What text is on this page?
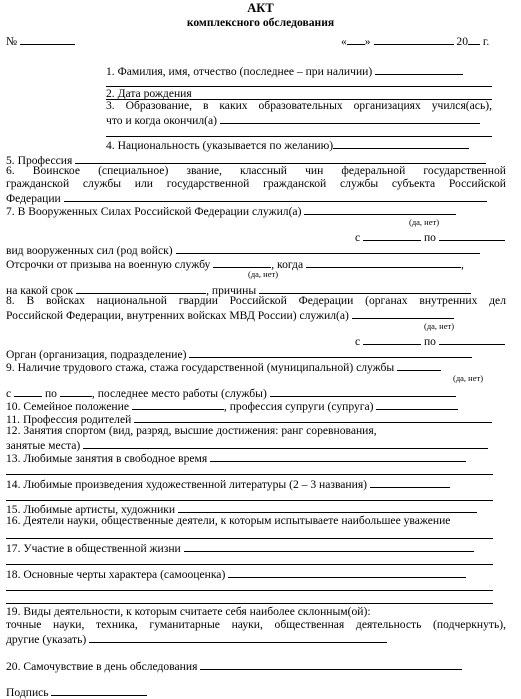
АКТ
комплексного обследования
№	« »	20 г.
1. Фамилия, имя, отчество (последнее – при наличии)
2. Дата рождения
3. Образование, в каких образовательных организациях учился(ась),
что и когда окончил(а)
4. Национальность (указывается по желанию)
5. Профессия
6. Воинское (специальное) звание, классный чин федеральной государственной
гражданской службы или государственной гражданской службы субъекта Российской
Федерации
7. В Вооруженных Силах Российской Федерации служил(а)
(да, нет)
с	по
вид вооруженных сил (род войск)
Отсрочки от призыва на военную службу	, когда	,
(да, нет)
на какой срок	, причины
8. В войсках национальной гвардии Российской Федерации (органах внутренних дел
Российской Федерации, внутренних войсках МВД России) служил(а)
(да, нет)
с	по
Орган (организация, подразделение)
9. Наличие трудового стажа, стажа государственной (муниципальной) службы
(да, нет)
с	по	, последнее место работы (службы)
10. Семейное положение	, профессия супруги (супруга)
11. Профессия родителей
12. Занятия спортом (вид, разряд, высшие достижения: ранг соревнования,
занятые места)
13. Любимые занятия в свободное время
14. Любимые произведения художественной литературы (2 – 3 названия)
15. Любимые артисты, художники
16. Деятели науки, общественные деятели, к которым испытываете наибольшее уважение
17. Участие в общественной жизни
18. Основные черты характера (самооценка)
19. Виды деятельности, к которым считаете себя наиболее склонным(ой):
точные науки, техника, гуманитарные науки, общественная деятельность (подчеркнуть),
другие (указать)
20. Самочувствие в день обследования
Подпись
